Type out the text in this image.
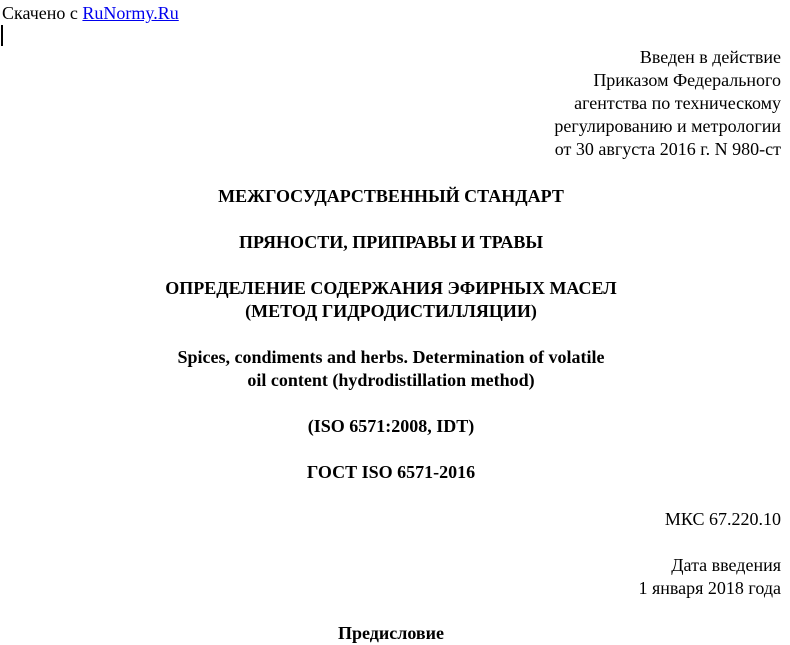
Скачено с RuNormy.Ru
Введен в действие
Приказом Федерального
агентства по техническому
регулированию и метрологии
от 30 августа 2016 г. N 980-ст
МЕЖГОСУДАРСТВЕННЫЙ СТАНДАРТ
ПРЯНОСТИ, ПРИПРАВЫ И ТРАВЫ
ОПРЕДЕЛЕНИЕ СОДЕРЖАНИЯ ЭФИРНЫХ МАСЕЛ
(МЕТОД ГИДРОДИСТИЛЛЯЦИИ)
Spices, condiments and herbs. Determination of volatile
oil content (hydrodistillation method)
(ISO 6571:2008, IDT)
ГОСТ ISO 6571-2016
МКС 67.220.10
Дата введения
1 января 2018 года
Предисловие
